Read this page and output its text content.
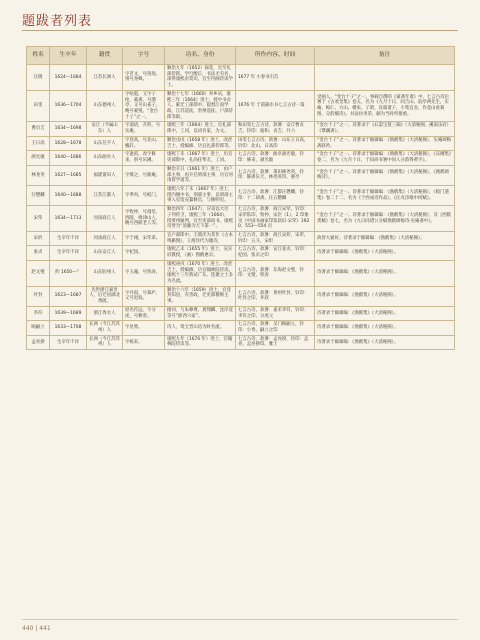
题跋者列表
姓名	生卒年	籍贯	字号	功名、身份	所作内容、时间	备注
汪琬	1624—1684	江苏长洲人	字苕文，号钝翁，别号尧峰。	顺治九年（1652）探花，官至礼部侍郎。学行醇正，书法尤有名，深得康熙帝赏识，官至内阁侍读学士。	1677 年 小春书引首	
田雯	1636—1704	山东德州人	字纶霞，又字子纶，蒙斋，号漪亭，又号山姜子，晚号蒙叟。“金台十子”之一。	顺治十七年（1660）举乡试，康熙三年（1664）进士，授中书舍人，累迁工部郎中、提督江南学政、江苏巡抚、贵州巡抚、户部侍郎等职。	1676 年 于前隔水书七言古诗一篇	受画人。“金台十子”之一。事载自撰的《蒙斋年谱》中，七言古诗后署于《古欢堂集》卷五，名为《九月十日，同吉山、阮亭两先生，实庵、梅仁、方山、楼来、子昭、良箴诸子，小集官舍，作竟山看菊图，分韵赋诗》。书法仿米芾，颇为当时所推重。
曹贞吉	1634—1698	安丘（今属山东）人	字迪清，升阶，号实庵。	康熙三年（1664）进士，官礼部郎中，工词，以词名家，为文。	和田雯七言古诗，款署：安丘曹贞吉，钤印：迪和、贞吉、升六	“金台十子”之一。诗著录于《石渠宝笈三编》（大清秘阁，溪南乐府）《蕈藕斋》。
王日高	1628—1678	山东茌平人	字登高，号北山，槐轩。	顺治戊戌（1658 年）进士，改庶吉士，授编修，历官礼部侍郎等。	田雯七言古诗，款署：山东王日高，钤印：北山，日高印	“金台十子”之一。诗著录于颐辑编：《渔鹤集》（大清秘阁），实庵颂梅斋联吟。
颜光敏	1640—1686	山东曲阜人	字逊甫，改字修来，别号乐圃。	康熙丁未（1667 年）进士，历官吏部郎中，孔尚任挚友，工词。	七言古诗，款署：曲阜颜光敏，钤印：修来，颜光敏	“金台十子”之一。诗著录于颐辑编：《渔鹤集》（大清秘阁），《乐圃集》卷二，名为《九月十日，于田尚书署中同人分韵得黄字》。
林尧英	1627—1685	福建莆田人	字慎之，号鹿庵。	顺治辛丑（1661 年）进士，由户部主事，再升任刑部主事，历官河南督学道等。	七言古诗，款署：莆田林尧英，钤印：静斋乐天、林尧英印、惠亭	“金台十子”之一。诗著录于颐辑编：《渔鹤集》（大清秘阁），《渔鹤颂梅诗》。
汪懋麟	1640—1688	江苏江都人	字季甪，号蛟门。	康熙六年丁未（1667 年）进士，授内阁中书，刑部主事，以刑部主事入史馆充纂修官，与修明史。	七言古诗，款署：江都汪懋麟，钤印：十二研斋、汪五懋麟	“金台十子”之一。诗著录于颐辑编：《渔鹤集》（大清秘阁），《蛟门遗集》卷二十二，名为《于西成诗作品》，《汪戊诗歌中同赋》。
宋荦	1634—1713	河南商丘人	字牧仲，号漫堂，西陂，绵津山人，晚号西陂老人等。	顺治四年（1647），应诏以大臣子列侍卫，康熙三年（1664），授黄州通判，官至吏部尚书，康熙帝誉为“清廉为天下第一”。	七言古诗，款署：商丘宋荦，钤印：宋荦私印、牧仲、宋臣（1），2 印象见《中国书画家印鉴款识·宋荦》1920，553—554 页	“金台十子”之一。诗著录于颐辑编：《渔鹤集》（大清秘阁），及《西陂类稿》卷七，名为《九日同诸公分赋渔鹤颂梅诗·实庵斋中》。
宋炘	生卒年不详	河南商丘人	字于翊，宋荦弟。	官户部郎中。王渔洋为其作《古本鸣籁图》，王渔洋代为题诗。	七言古诗，款署：商丘宋炘，宋荦，钤印：五斗，宋炘	故曾大通好。诗著录于颐辑编：《渔鹤集》（大清秘阁）。
张贞	生卒年不详	山东安丘人	字杞园。	康熙乙未（1655 年）进士，充实府教授，（画）图鹤惠贞。	七言古诗，款署：安丘张贞，钤印：杞园、张贞之印	诗著录于颐辑编：《渔鹤集》（大清秘阁）。
赵文璧	约 1650—？	山东胶州人	字玉藻，号铁涛。	康熙庚戌（1670 年）进士，改庶吉士，授编修，历官翰林院侍读。康熙十三年典试广东，选捷之士多为名流。	七言古诗，款署：东海赵文璧，钤印：文璧、铁涛	诗著录于颐辑编：《渔鹤集》（大清秘阁）。
叶封	1623—1687	先世浙江嘉善人，后迁居湖北黄陂。	字井叔，号慕庐，又号退翁。	顺治十六年（1659）进士，官登封知县，有善政，迁吏部稽勋主事。	七言古诗，款署：黄州叶封，钤印：叶封之印、井叔	诗著录于颐辑编：《渔鹤集》（大清秘阁）。
李符	1639—1689	浙江秀水人	原名符远，字分虎，号耕客。	擅词，与朱彝尊、龚翔麟、沈岸登等号“浙西六家”。	七言古诗，款署：嘉禾李符，钤印：李符之印、分虎父	诗著录于颐辑编：《渔鹤集》（大清秘阁）。
顾嗣立	1633—1708	长洲（今江苏苏州）人	字昆寒。	诗人，筑宝晋山房为时名流。	七言古诗，款署：吴门顾嗣立，钤印：小秀、嗣立之印	诗著录于颐辑编：《渔鹤集》（大清秘阁）。
孟亮揆	生卒年不详	长洲（今江苏苏州）人	字栎来。	康熙九年（1670 年）进士，官翰林院侍读等。	七言古诗，款署：孟亮揆，钤印：孟亮、孟亮揆印、雅士	诗著录于颐辑编：《渔鹤集》（大清秘阁）。
440 | 441
